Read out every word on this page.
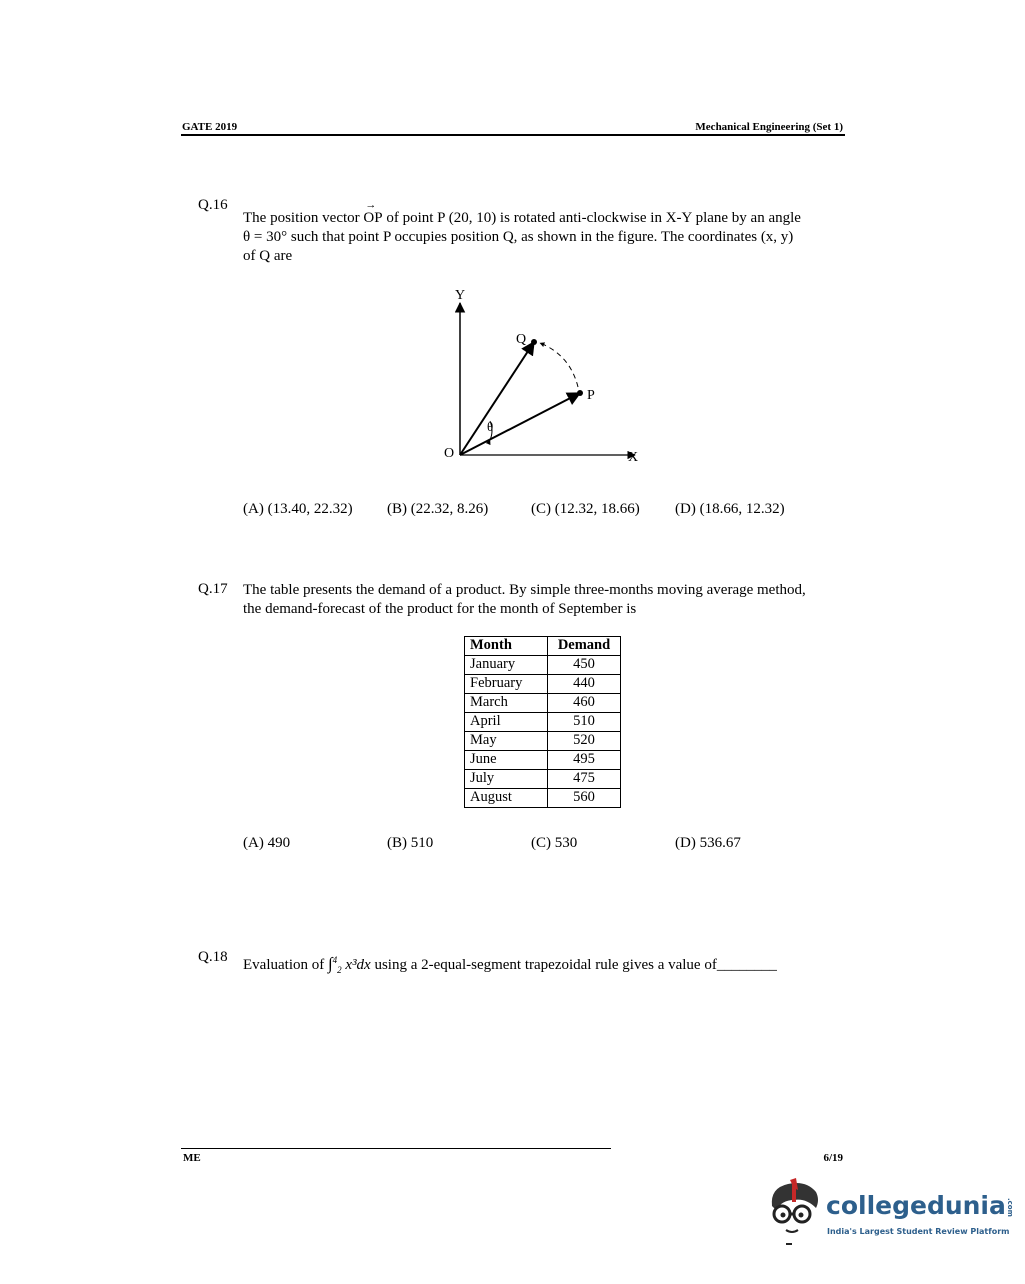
GATE 2019	Mechanical Engineering (Set 1)
Q.16
The position vector
→
OP of point P (20, 10) is rotated anti-clockwise in X-Y plane by an angle
θ = 30° such that point P occupies position Q, as shown in the figure. The coordinates (x, y)
of Q are
Y
X
O
P
Q
θ
(A) (13.40, 22.32) (B) (22.32, 8.26)	(C) (12.32, 18.66) (D) (18.66, 12.32)
Q.17 The table presents the demand of a product. By simple three-months moving average method,
the demand-forecast of the product for the month of September is
Month	Demand
January	450
February	440
March	460
April	510
May	520
June	495
July	475
August	560
(A) 490	(B) 510	(C) 530	(D) 536.67
Q.18 Evaluation of ∫$^4_2$ x³dx using a 2-equal-segment trapezoidal rule gives a value of________
ME	6/19
collegedunia.com
India's Largest Student Review Platform
